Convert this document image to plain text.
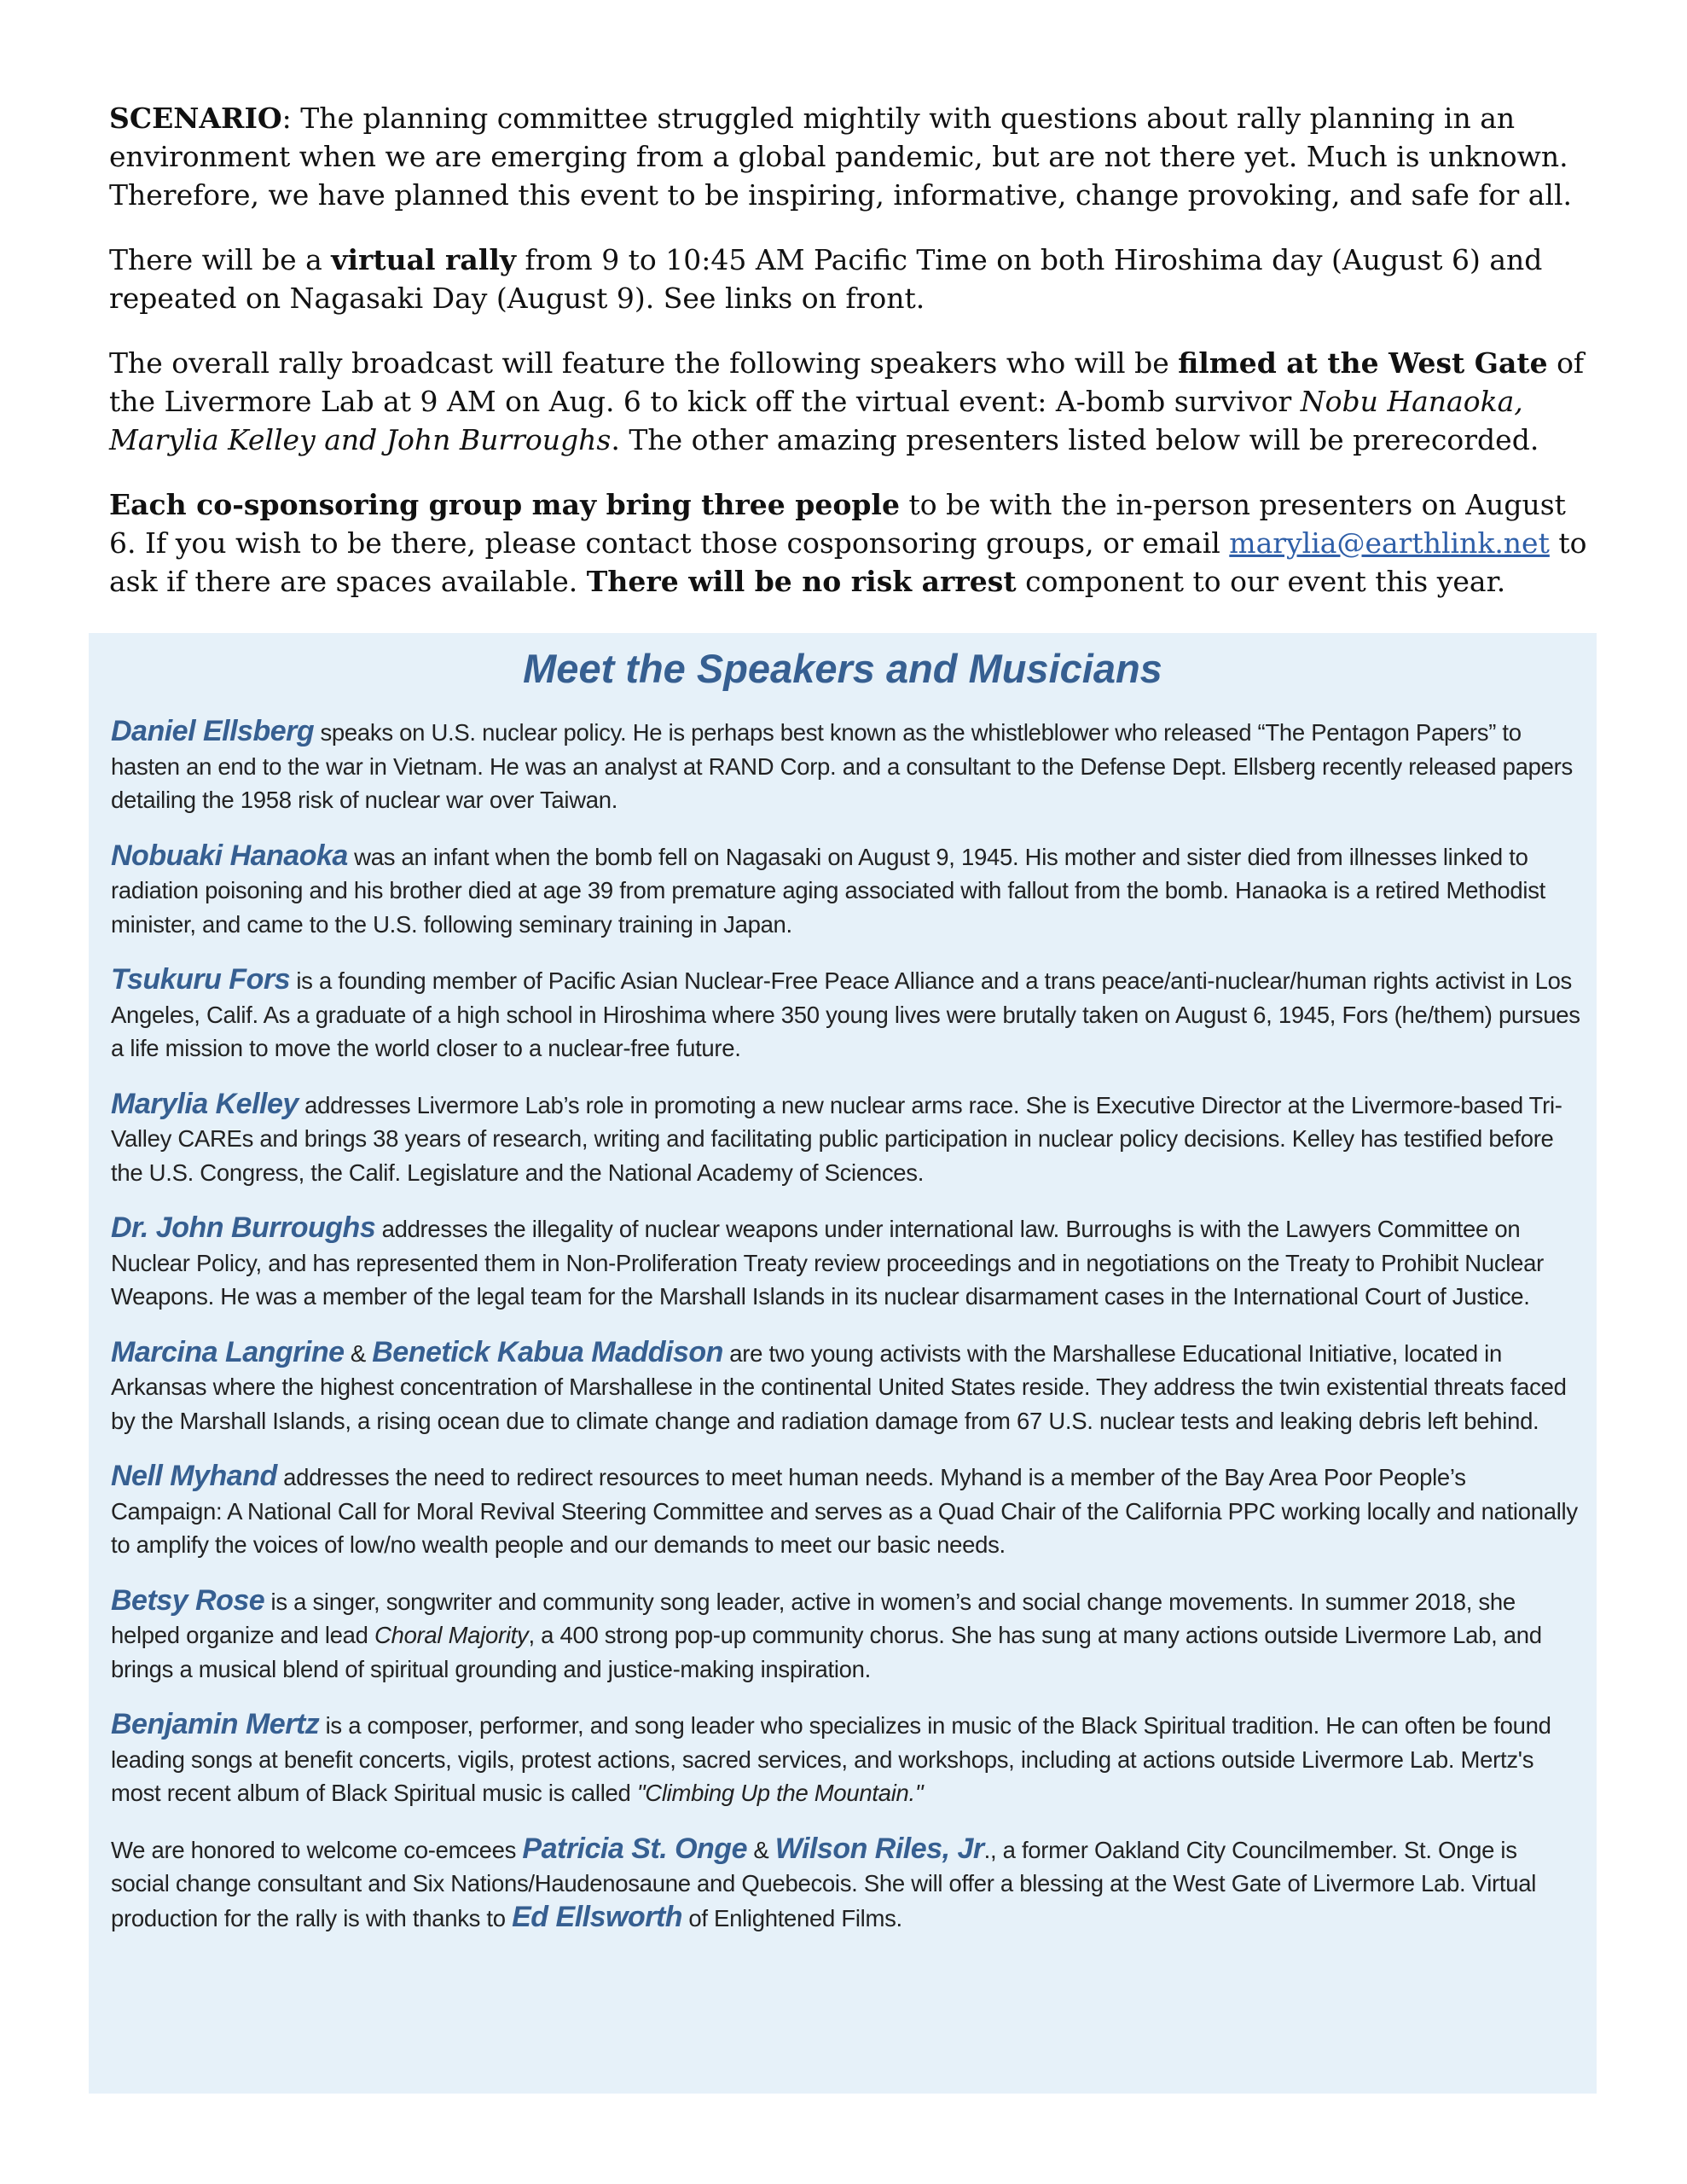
SCENARIO: The planning committee struggled mightily with questions about rally planning in an environment when we are emerging from a global pandemic, but are not there yet. Much is unknown. Therefore, we have planned this event to be inspiring, informative, change provoking, and safe for all.

There will be a virtual rally from 9 to 10:45 AM Pacific Time on both Hiroshima day (August 6) and repeated on Nagasaki Day (August 9). See links on front.

The overall rally broadcast will feature the following speakers who will be filmed at the West Gate of the Livermore Lab at 9 AM on Aug. 6 to kick off the virtual event: A-bomb survivor Nobu Hanaoka, Marylia Kelley and John Burroughs. The other amazing presenters listed below will be prerecorded.

Each co-sponsoring group may bring three people to be with the in-person presenters on August 6. If you wish to be there, please contact those cosponsoring groups, or email marylia@earthlink.net to ask if there are spaces available. There will be no risk arrest component to our event this year.

Meet the Speakers and Musicians

Daniel Ellsberg speaks on U.S. nuclear policy. He is perhaps best known as the whistleblower who released “The Pentagon Papers” to hasten an end to the war in Vietnam. He was an analyst at RAND Corp. and a consultant to the Defense Dept. Ellsberg recently released papers detailing the 1958 risk of nuclear war over Taiwan.

Nobuaki Hanaoka was an infant when the bomb fell on Nagasaki on August 9, 1945. His mother and sister died from illnesses linked to radiation poisoning and his brother died at age 39 from premature aging associated with fallout from the bomb. Hanaoka is a retired Methodist minister, and came to the U.S. following seminary training in Japan.

Tsukuru Fors is a founding member of Pacific Asian Nuclear-Free Peace Alliance and a trans peace/anti-nuclear/human rights activist in Los Angeles, Calif. As a graduate of a high school in Hiroshima where 350 young lives were brutally taken on August 6, 1945, Fors (he/them) pursues a life mission to move the world closer to a nuclear-free future.

Marylia Kelley addresses Livermore Lab’s role in promoting a new nuclear arms race. She is Executive Director at the Livermore-based Tri-Valley CAREs and brings 38 years of research, writing and facilitating public participation in nuclear policy decisions. Kelley has testified before the U.S. Congress, the Calif. Legislature and the National Academy of Sciences.

Dr. John Burroughs addresses the illegality of nuclear weapons under international law. Burroughs is with the Lawyers Committee on Nuclear Policy, and has represented them in Non-Proliferation Treaty review proceedings and in negotiations on the Treaty to Prohibit Nuclear Weapons. He was a member of the legal team for the Marshall Islands in its nuclear disarmament cases in the International Court of Justice.

Marcina Langrine & Benetick Kabua Maddison are two young activists with the Marshallese Educational Initiative, located in Arkansas where the highest concentration of Marshallese in the continental United States reside. They address the twin existential threats faced by the Marshall Islands, a rising ocean due to climate change and radiation damage from 67 U.S. nuclear tests and leaking debris left behind.

Nell Myhand addresses the need to redirect resources to meet human needs. Myhand is a member of the Bay Area Poor People’s Campaign: A National Call for Moral Revival Steering Committee and serves as a Quad Chair of the California PPC working locally and nationally to amplify the voices of low/no wealth people and our demands to meet our basic needs.

Betsy Rose is a singer, songwriter and community song leader, active in women’s and social change movements. In summer 2018, she helped organize and lead Choral Majority, a 400 strong pop-up community chorus. She has sung at many actions outside Livermore Lab, and brings a musical blend of spiritual grounding and justice-making inspiration.

Benjamin Mertz is a composer, performer, and song leader who specializes in music of the Black Spiritual tradition. He can often be found leading songs at benefit concerts, vigils, protest actions, sacred services, and workshops, including at actions outside Livermore Lab. Mertz's most recent album of Black Spiritual music is called "Climbing Up the Mountain."

We are honored to welcome co-emcees Patricia St. Onge & Wilson Riles, Jr., a former Oakland City Councilmember. St. Onge is social change consultant and Six Nations/Haudenosaune and Quebecois. She will offer a blessing at the West Gate of Livermore Lab. Virtual production for the rally is with thanks to Ed Ellsworth of Enlightened Films.
